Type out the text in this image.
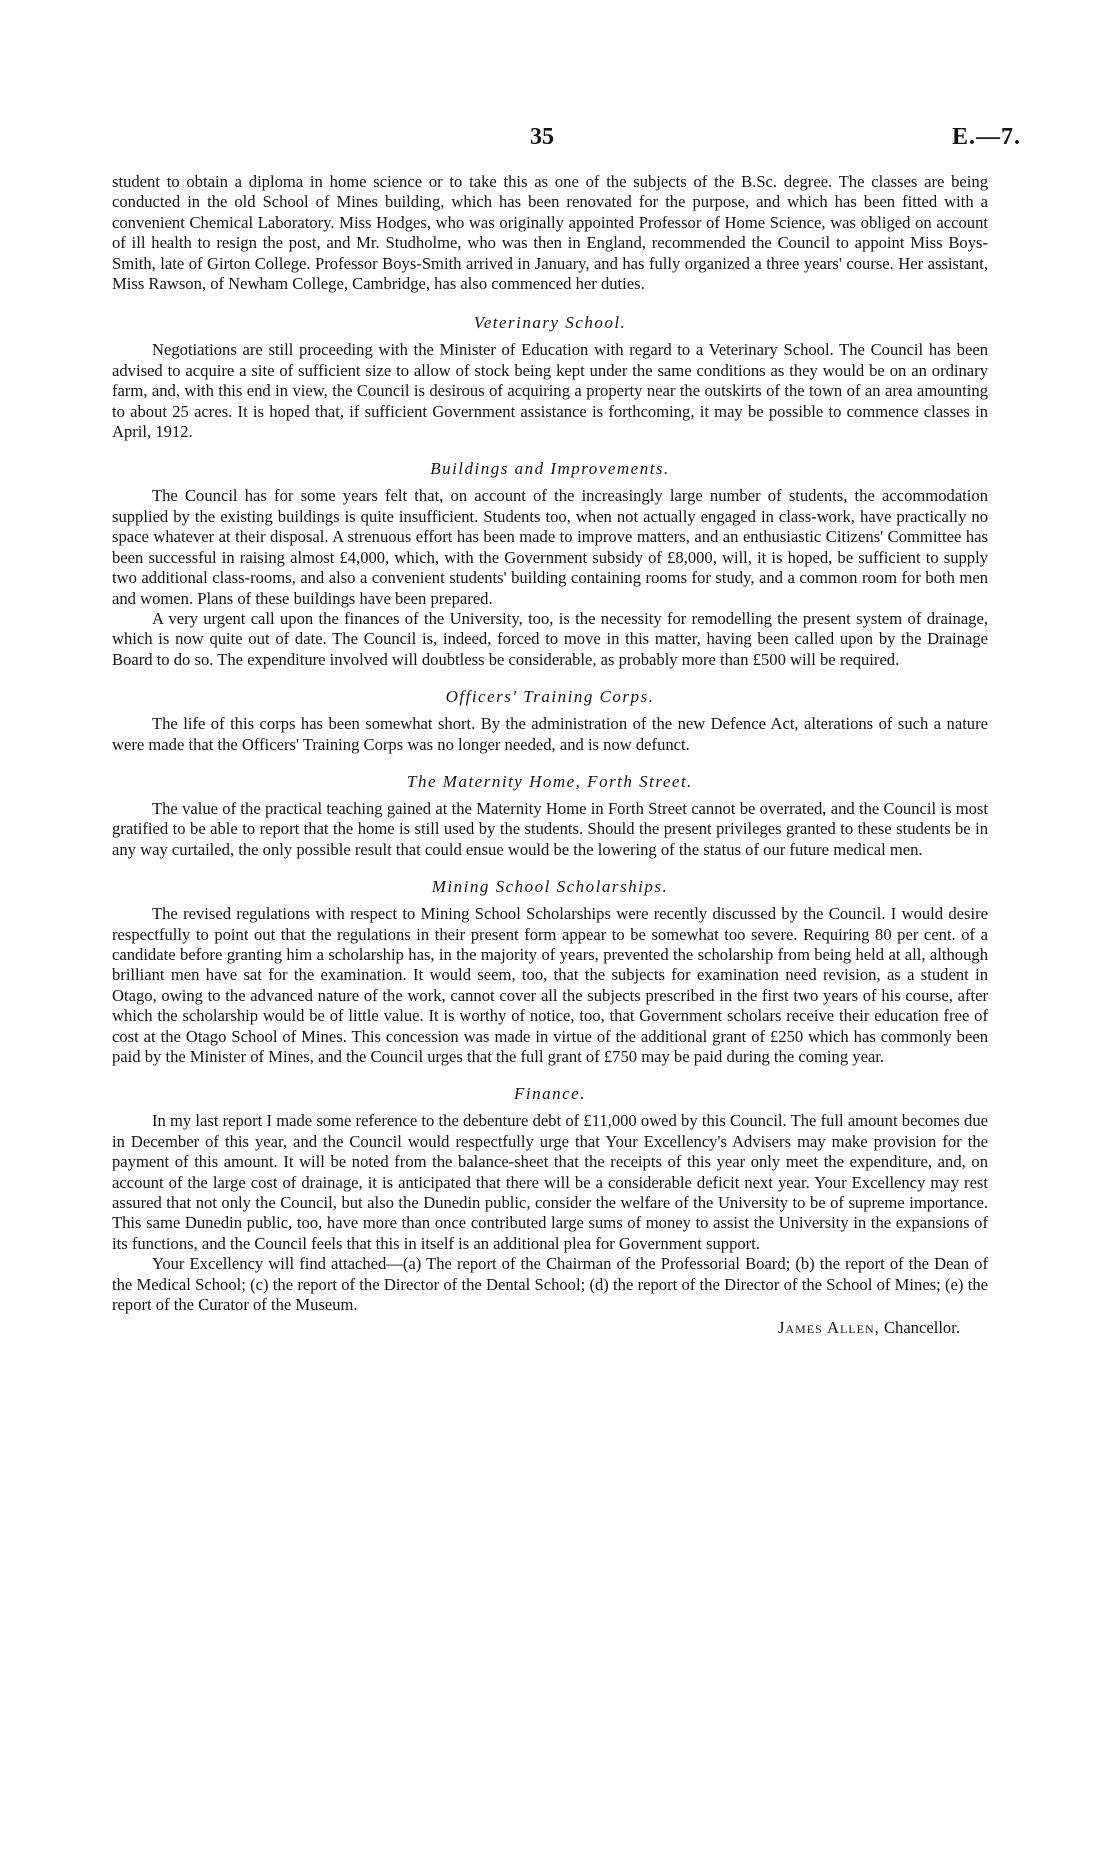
35	E.—7.

student to obtain a diploma in home science or to take this as one of the subjects of the B.Sc. degree. The classes are being conducted in the old School of Mines building, which has been renovated for the purpose, and which has been fitted with a convenient Chemical Laboratory. Miss Hodges, who was originally appointed Professor of Home Science, was obliged on account of ill health to resign the post, and Mr. Studholme, who was then in England, recommended the Council to appoint Miss Boys-Smith, late of Girton College. Professor Boys-Smith arrived in January, and has fully organized a three years' course. Her assistant, Miss Rawson, of Newham College, Cambridge, has also commenced her duties.

Veterinary School.

Negotiations are still proceeding with the Minister of Education with regard to a Veterinary School. The Council has been advised to acquire a site of sufficient size to allow of stock being kept under the same conditions as they would be on an ordinary farm, and, with this end in view, the Council is desirous of acquiring a property near the outskirts of the town of an area amounting to about 25 acres. It is hoped that, if sufficient Government assistance is forthcoming, it may be possible to commence classes in April, 1912.

Buildings and Improvements.

The Council has for some years felt that, on account of the increasingly large number of students, the accommodation supplied by the existing buildings is quite insufficient. Students too, when not actually engaged in class-work, have practically no space whatever at their disposal. A strenuous effort has been made to improve matters, and an enthusiastic Citizens' Committee has been successful in raising almost £4,000, which, with the Government subsidy of £8,000, will, it is hoped, be sufficient to supply two additional class-rooms, and also a convenient students' building containing rooms for study, and a common room for both men and women. Plans of these buildings have been prepared.

A very urgent call upon the finances of the University, too, is the necessity for remodelling the present system of drainage, which is now quite out of date. The Council is, indeed, forced to move in this matter, having been called upon by the Drainage Board to do so. The expenditure involved will doubtless be considerable, as probably more than £500 will be required.

Officers' Training Corps.

The life of this corps has been somewhat short. By the administration of the new Defence Act, alterations of such a nature were made that the Officers' Training Corps was no longer needed, and is now defunct.

The Maternity Home, Forth Street.

The value of the practical teaching gained at the Maternity Home in Forth Street cannot be overrated, and the Council is most gratified to be able to report that the home is still used by the students. Should the present privileges granted to these students be in any way curtailed, the only possible result that could ensue would be the lowering of the status of our future medical men.

Mining School Scholarships.

The revised regulations with respect to Mining School Scholarships were recently discussed by the Council. I would desire respectfully to point out that the regulations in their present form appear to be somewhat too severe. Requiring 80 per cent. of a candidate before granting him a scholarship has, in the majority of years, prevented the scholarship from being held at all, although brilliant men have sat for the examination. It would seem, too, that the subjects for examination need revision, as a student in Otago, owing to the advanced nature of the work, cannot cover all the subjects prescribed in the first two years of his course, after which the scholarship would be of little value. It is worthy of notice, too, that Government scholars receive their education free of cost at the Otago School of Mines. This concession was made in virtue of the additional grant of £250 which has commonly been paid by the Minister of Mines, and the Council urges that the full grant of £750 may be paid during the coming year.

Finance.

In my last report I made some reference to the debenture debt of £11,000 owed by this Council. The full amount becomes due in December of this year, and the Council would respectfully urge that Your Excellency's Advisers may make provision for the payment of this amount. It will be noted from the balance-sheet that the receipts of this year only meet the expenditure, and, on account of the large cost of drainage, it is anticipated that there will be a considerable deficit next year. Your Excellency may rest assured that not only the Council, but also the Dunedin public, consider the welfare of the University to be of supreme importance. This same Dunedin public, too, have more than once contributed large sums of money to assist the University in the expansions of its functions, and the Council feels that this in itself is an additional plea for Government support.

Your Excellency will find attached—(a) The report of the Chairman of the Professorial Board; (b) the report of the Dean of the Medical School; (c) the report of the Director of the Dental School; (d) the report of the Director of the School of Mines; (e) the report of the Curator of the Museum.

James Allen, Chancellor.
